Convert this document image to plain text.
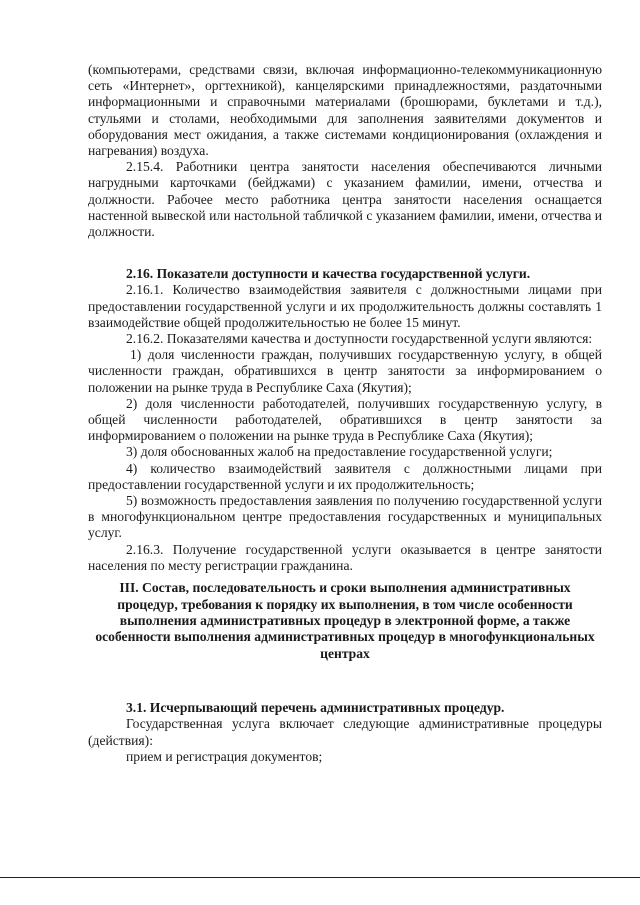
(компьютерами, средствами связи, включая информационно-телекоммуникационную сеть «Интернет», оргтехникой), канцелярскими принадлежностями, раздаточными информационными и справочными материалами (брошюрами, буклетами и т.д.), стульями и столами, необходимыми для заполнения заявителями документов и оборудования мест ожидания, а также системами кондиционирования (охлаждения и нагревания) воздуха.

2.15.4. Работники центра занятости населения обеспечиваются личными нагрудными карточками (бейджами) с указанием фамилии, имени, отчества и должности. Рабочее место работника центра занятости населения оснащается настенной вывеской или настольной табличкой с указанием фамилии, имени, отчества и должности.

2.16. Показатели доступности и качества государственной услуги.

2.16.1. Количество взаимодействия заявителя с должностными лицами при предоставлении государственной услуги и их продолжительность должны составлять 1 взаимодействие общей продолжительностью не более 15 минут.

2.16.2. Показателями качества и доступности государственной услуги являются:

1) доля численности граждан, получивших государственную услугу, в общей численности граждан, обратившихся в центр занятости за информированием о положении на рынке труда в Республике Саха (Якутия);

2) доля численности работодателей, получивших государственную услугу, в общей численности работодателей, обратившихся в центр занятости за информированием о положении на рынке труда в Республике Саха (Якутия);

3) доля обоснованных жалоб на предоставление государственной услуги;

4) количество взаимодействий заявителя с должностными лицами при предоставлении государственной услуги и их продолжительность;

5) возможность предоставления заявления по получению государственной услуги в многофункциональном центре предоставления государственных и муниципальных услуг.

2.16.3. Получение государственной услуги оказывается в центре занятости населения по месту регистрации гражданина.

III. Состав, последовательность и сроки выполнения административных процедур, требования к порядку их выполнения, в том числе особенности выполнения административных процедур в электронной форме, а также особенности выполнения административных процедур в многофункциональных центрах

3.1. Исчерпывающий перечень административных процедур.

Государственная услуга включает следующие административные процедуры (действия):

прием и регистрация документов;
